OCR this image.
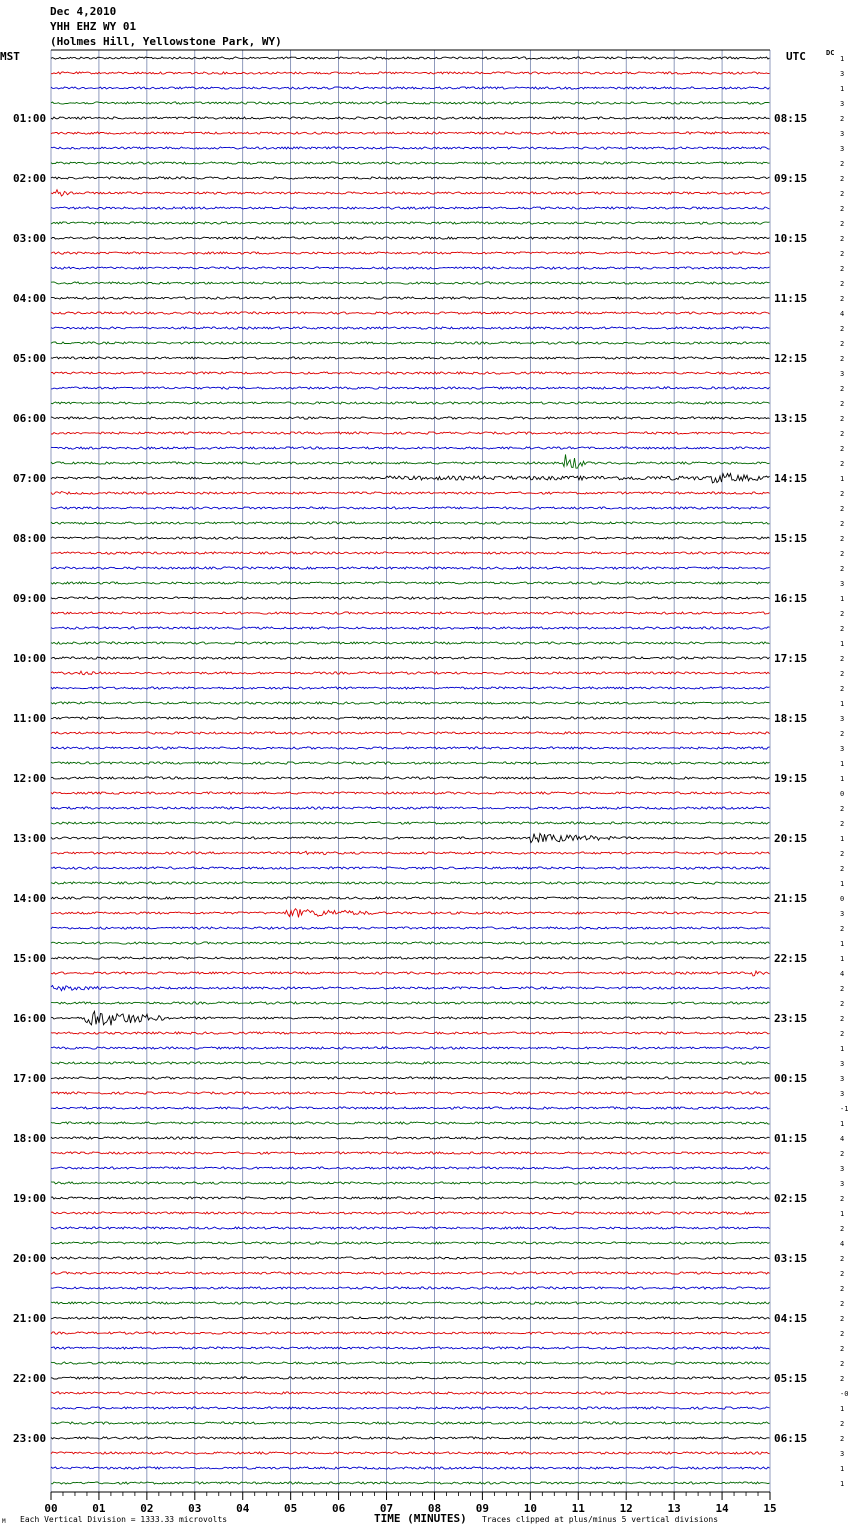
Dec 4,2010
YHH EHZ WY 01
(Holmes Hill, Yellowstone Park, WY)
MST	UTC	DC
00	01	02	03	04	05	06	07	08	09	10	11	12	13	14	15
1
3
1
3
2
3
3
2
2
2
2
2
2
2
2
2
2
4
2
2
2
3
2
2
2
2
2
2
1
2
2
2
2
2
2
3
1
2
2
1
2
2
2
1
3
2
3
1
1
0
2
2
1
2
2
1
0
3
2
1
1
4
2
2
2
2
1
3
3
3
-1
1
4
2
3
3
2
1
2
4
2
2
2
2
2
2
2
2
2
-0
1
2
2
3
1
1
01:00
02:00
03:00
04:00
05:00
06:00
07:00
08:00
09:00
10:00
11:00
12:00
13:00
14:00
15:00
16:00
17:00
18:00
19:00
20:00
21:00
22:00
23:00
08:15
09:15
10:15
11:15
12:15
13:15
14:15
15:15
16:15
17:15
18:15
19:15
20:15
21:15
22:15
23:15
00:15
01:15
02:15
03:15
04:15
05:15
06:15
M Each Vertical Division = 1333.33 microvolts	TIME (MINUTES) Traces clipped at plus/minus 5 vertical divisions
